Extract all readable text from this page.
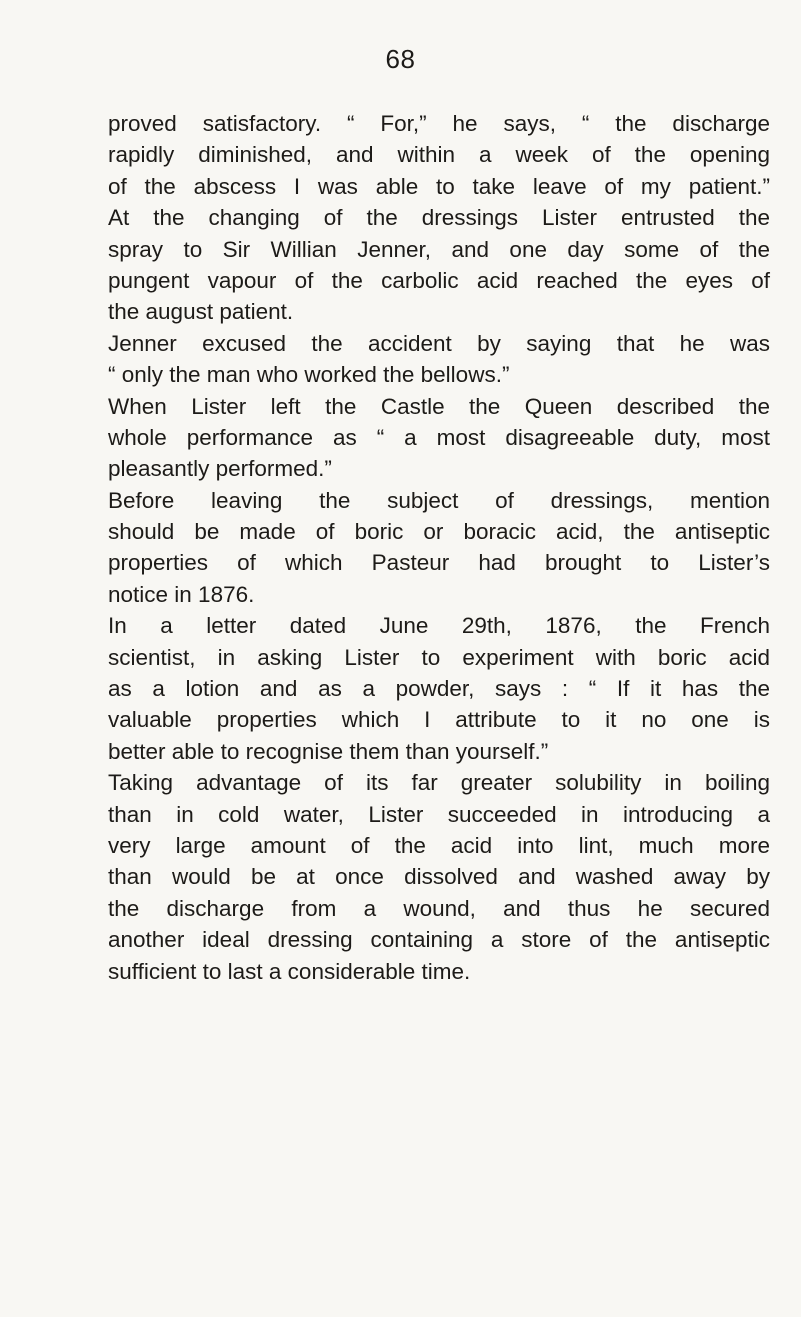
68
proved satisfactory. “ For,” he says, “ the discharge
rapidly diminished, and within a week of the opening
of the abscess I was able to take leave of my patient.”
At the changing of the dressings Lister entrusted the
spray to Sir Willian Jenner, and one day some of the
pungent vapour of the carbolic acid reached the eyes of
the august patient.
Jenner excused the accident by saying that he was
“ only the man who worked the bellows.”
When Lister left the Castle the Queen described the
whole performance as “ a most disagreeable duty, most
pleasantly performed.”
Before leaving the subject of dressings, mention
should be made of boric or boracic acid, the antiseptic
properties of which Pasteur had brought to Lister’s
notice in 1876.
In a letter dated June 29th, 1876, the French
scientist, in asking Lister to experiment with boric acid
as a lotion and as a powder, says : “ If it has the
valuable properties which I attribute to it no one is
better able to recognise them than yourself.”
Taking advantage of its far greater solubility in boiling
than in cold water, Lister succeeded in introducing a
very large amount of the acid into lint, much more
than would be at once dissolved and washed away by
the discharge from a wound, and thus he secured
another ideal dressing containing a store of the antiseptic
sufficient to last a considerable time.
